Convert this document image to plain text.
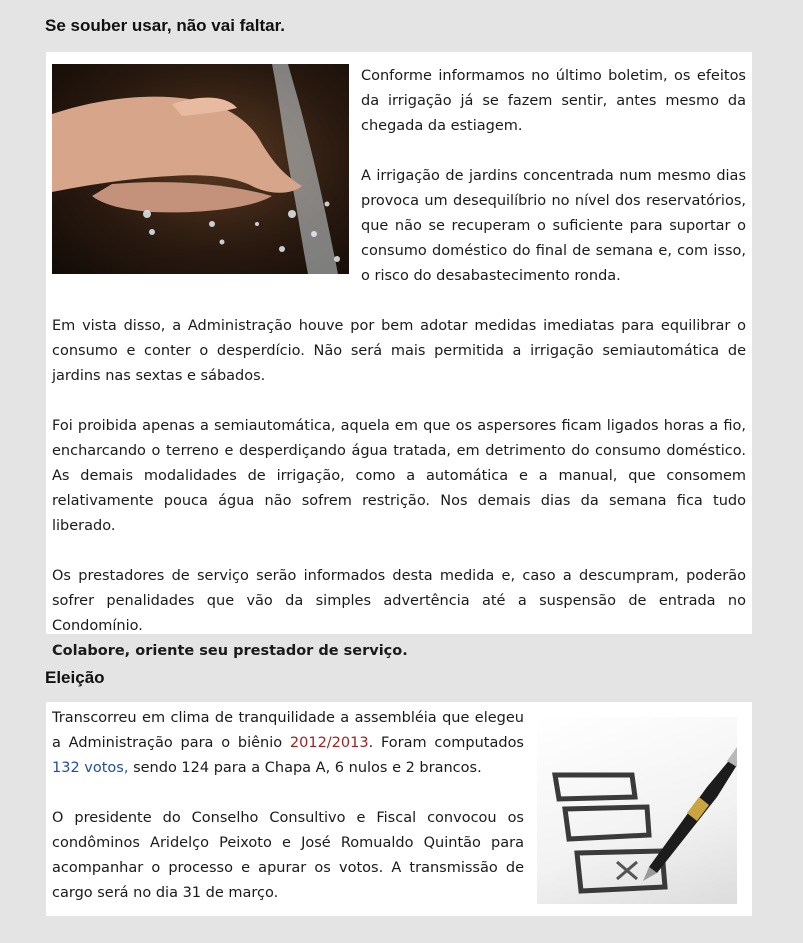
Se souber usar, não vai faltar.

Conforme informamos no último boletim, os efeitos da irrigação já se fazem sentir, antes mesmo da chegada da estiagem.

A irrigação de jardins concentrada num mesmo dias provoca um desequilíbrio no nível dos reservatórios, que não se recuperam o suficiente para suportar o consumo doméstico do final de semana e, com isso, o risco do desabastecimento ronda.

Em vista disso, a Administração houve por bem adotar medidas imediatas para equilibrar o consumo e conter o desperdício. Não será mais permitida a irrigação semiautomática de jardins nas sextas e sábados.

Foi proibida apenas a semiautomática, aquela em que os aspersores ficam ligados horas a fio, encharcando o terreno e desperdiçando água tratada, em detrimento do consumo doméstico. As demais modalidades de irrigação, como a automática e a manual, que consomem relativamente pouca água não sofrem restrição. Nos demais dias da semana fica tudo liberado.

Os prestadores de serviço serão informados desta medida e, caso a descumpram, poderão sofrer penalidades que vão da simples advertência até a suspensão de entrada no Condomínio.
Colabore, oriente seu prestador de serviço.

Eleição

Transcorreu em clima de tranquilidade a assembléia que elegeu a Administração para o biênio 2012/2013. Foram computados 132 votos, sendo 124 para a Chapa A, 6 nulos e 2 brancos.

O presidente do Conselho Consultivo e Fiscal convocou os condôminos Aridelço Peixoto e José Romualdo Quintão para acompanhar o processo e apurar os votos. A transmissão de cargo será no dia 31 de março.
